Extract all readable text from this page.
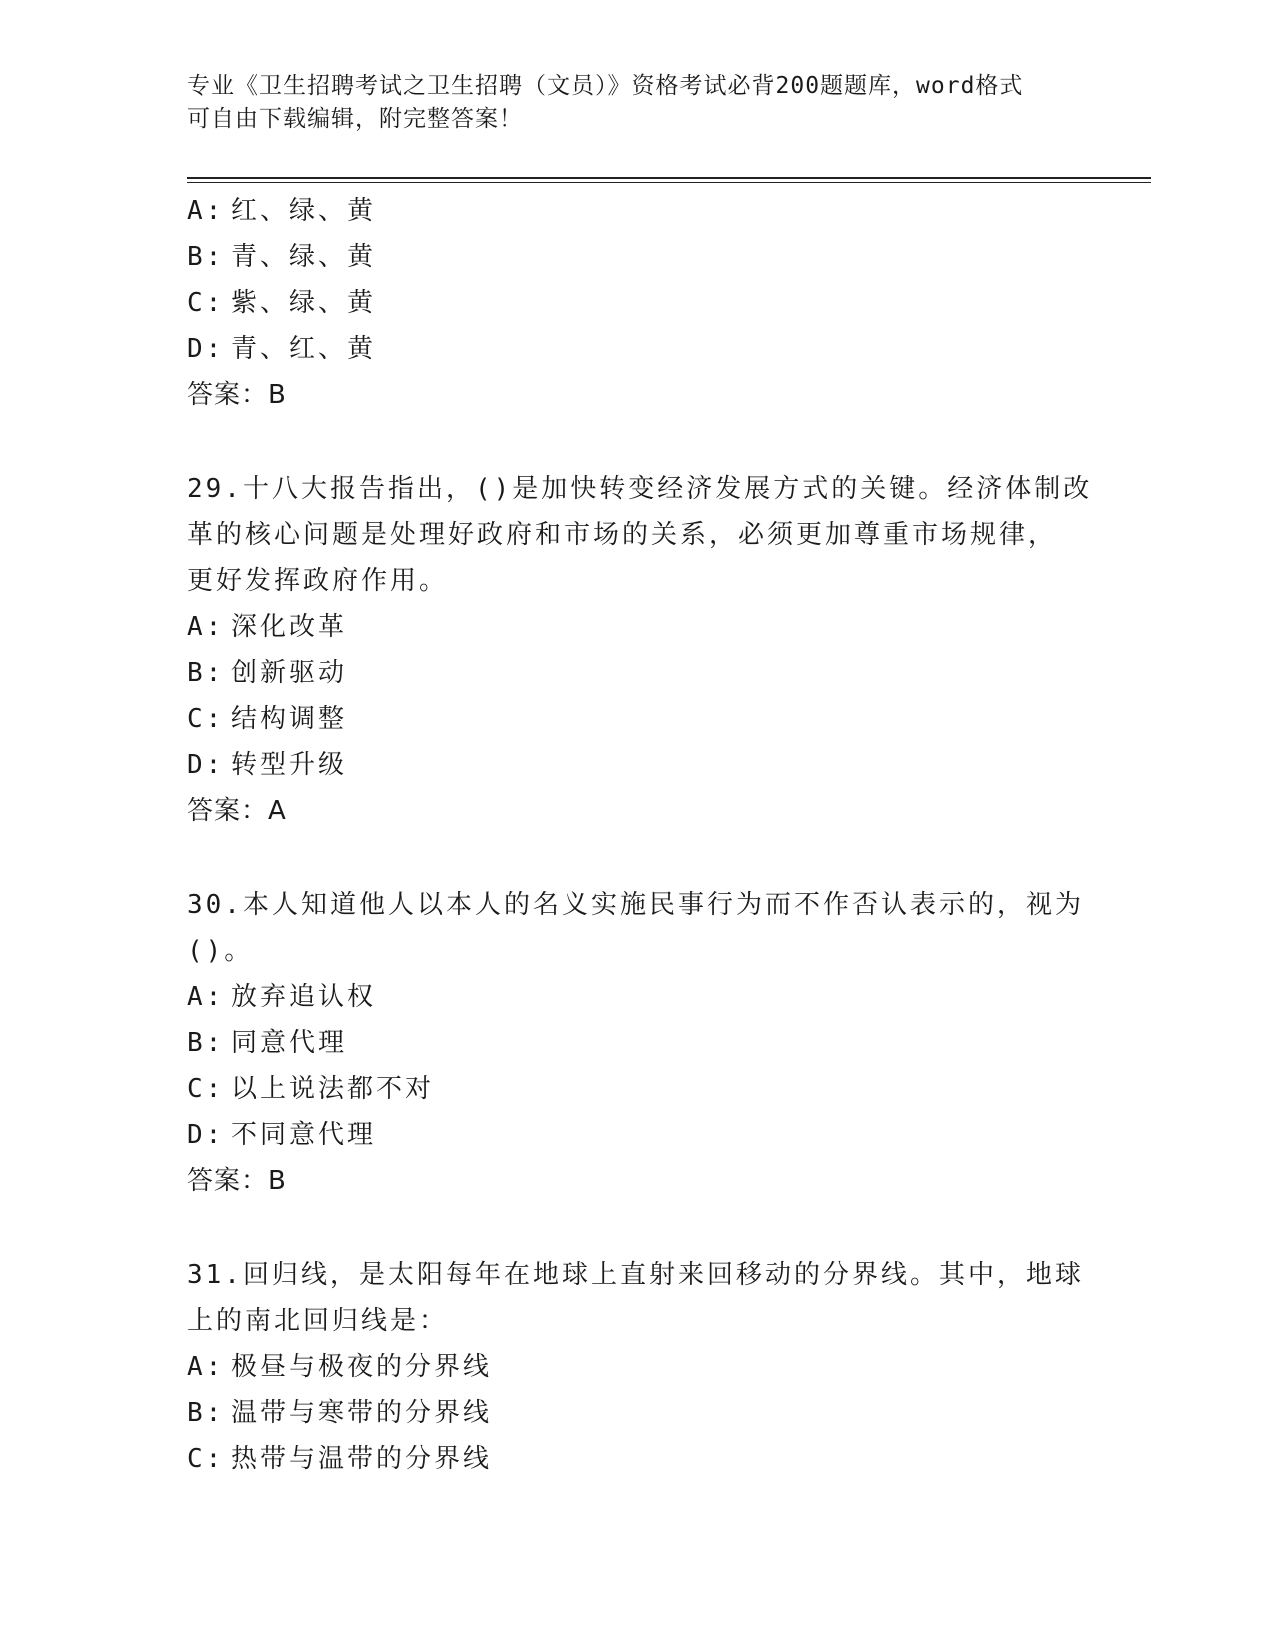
专业《卫生招聘考试之卫生招聘（文员）》资格考试必背200题题库，word格式
可自由下载编辑，附完整答案！
A: 红、绿、黄
B: 青、绿、黄
C: 紫、绿、黄
D: 青、红、黄
答案：B
29.十八大报告指出，()是加快转变经济发展方式的关键。经济体制改
革的核心问题是处理好政府和市场的关系，必须更加尊重市场规律，
更好发挥政府作用。
A: 深化改革
B: 创新驱动
C: 结构调整
D: 转型升级
答案：A
30.本人知道他人以本人的名义实施民事行为而不作否认表示的，视为
()。
A: 放弃追认权
B: 同意代理
C: 以上说法都不对
D: 不同意代理
答案：B
31.回归线，是太阳每年在地球上直射来回移动的分界线。其中，地球
上的南北回归线是：
A: 极昼与极夜的分界线
B: 温带与寒带的分界线
C: 热带与温带的分界线
